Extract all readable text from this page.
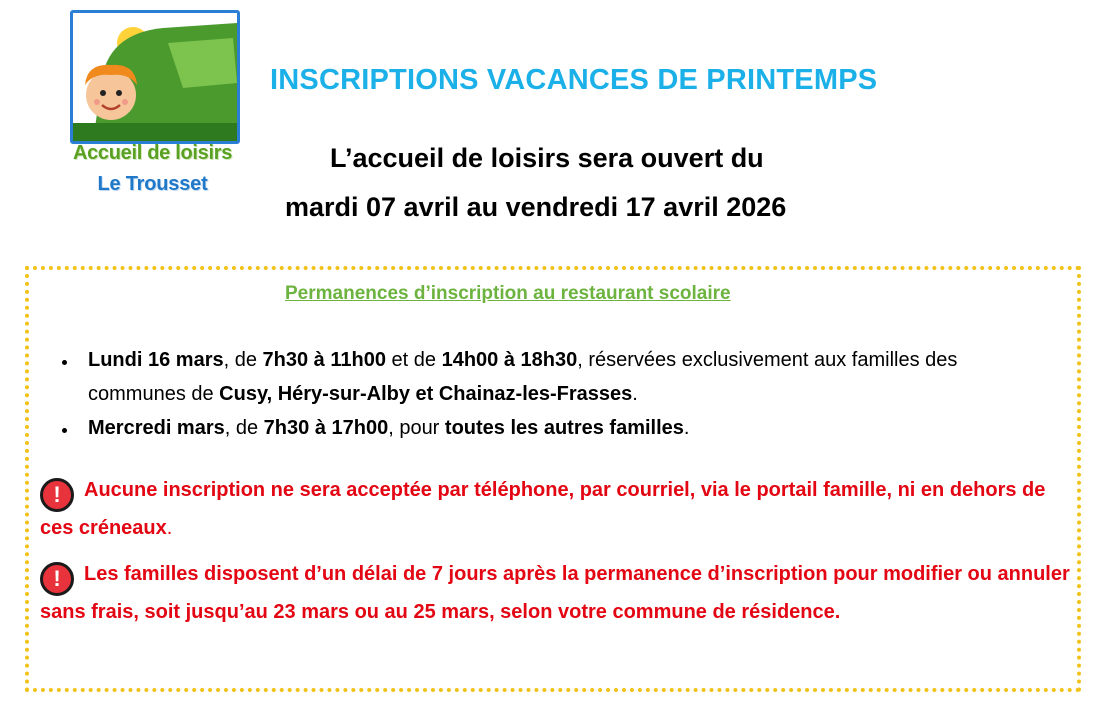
Accueil de loisirs
Le Trousset
INSCRIPTIONS VACANCES DE PRINTEMPS
L’accueil de loisirs sera ouvert du
mardi 07 avril au vendredi 17 avril 2026
Permanences d’inscription au restaurant scolaire
Lundi 16 mars, de 7h30 à 11h00 et de 14h00 à 18h30, réservées exclusivement aux familles des communes de Cusy, Héry-sur-Alby et Chainaz-les-Frasses.
Mercredi mars, de 7h30 à 17h00, pour toutes les autres familles.
! Aucune inscription ne sera acceptée par téléphone, par courriel, via le portail famille, ni en dehors de ces créneaux.
! Les familles disposent d’un délai de 7 jours après la permanence d’inscription pour modifier ou annuler sans frais, soit jusqu’au 23 mars ou au 25 mars, selon votre commune de résidence.
